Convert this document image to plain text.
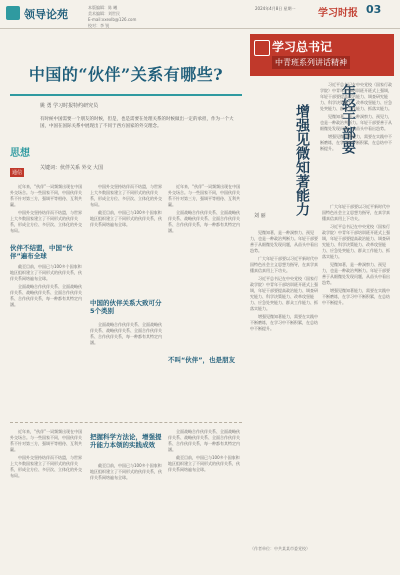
领导论苑
本版编辑：陈 曦
美术编辑：刘世民
E-mail:xxexlb@126.com
校对：李 锐
2024年4月8日 星期一 学习时报 03
中国的“伙伴”关系有哪些?
姚 勇 学习时报特约研究员
有时候中国需要一个朋友的时候，但是，也是需要在处理关系的时候做出一定的承担，作为一个大国，中国在国际关系中展现出了不同于西方国家的外交理念。
关键词：伙伴关系 外交 大国
思想
通信

近年来，“伙伴”一词频频出现在中国外交场合。与一些国家不同，中国伙伴关系不针对第三方，强调平等相待、互利共赢。

中国外交坚持结伴而不结盟，与世界上大多数国家建立了不同形式的伙伴关系，形成全方位、多层次、立体化的外交布局。

伙伴不结盟，中国“伙伴”遍布全球

截至目前，中国已与100多个国家和地区组织建立了不同形式的伙伴关系，伙伴关系网络遍布全球。

全面战略合作伙伴关系、全面战略伙伴关系、战略伙伴关系、全面合作伙伴关系、合作伙伴关系，每一种都有其特定内涵。

中国外交坚持结伴而不结盟，与世界上大多数国家建立了不同形式的伙伴关系，形成全方位、多层次、立体化的外交布局。

截至目前，中国已与100多个国家和地区组织建立了不同形式的伙伴关系，伙伴关系网络遍布全球。

中国的伙伴关系大致可分5个类别

全面战略合作伙伴关系、全面战略伙伴关系、战略伙伴关系、全面合作伙伴关系、合作伙伴关系，每一种都有其特定内涵。

近年来，“伙伴”一词频频出现在中国外交场合。与一些国家不同，中国伙伴关系不针对第三方，强调平等相待、互利共赢。

全面战略合作伙伴关系、全面战略伙伴关系、战略伙伴关系、全面合作伙伴关系、合作伙伴关系，每一种都有其特定内涵。

不叫“伙伴”，也是朋友

近年来，“伙伴”一词频频出现在中国外交场合。与一些国家不同，中国伙伴关系不针对第三方，强调平等相待、互利共赢。

中国外交坚持结伴而不结盟，与世界上大多数国家建立了不同形式的伙伴关系，形成全方位、多层次、立体化的外交布局。

把握科学方法论，增强提升能力本领的实践成效

截至目前，中国已与100多个国家和地区组织建立了不同形式的伙伴关系，伙伴关系网络遍布全球。

全面战略合作伙伴关系、全面战略伙伴关系、战略伙伴关系、全面合作伙伴关系、合作伙伴关系，每一种都有其特定内涵。

截至目前，中国已与100多个国家和地区组织建立了不同形式的伙伴关系，伙伴关系网络遍布全球。

学习总书记
中青班系列讲话精神
年轻干部要
增强见微知著能力
刘 丽

习近平总书记在中央党校（国家行政学院）中青年干部培训班开班式上强调，年轻干部要提高政治能力、调查研究能力、科学决策能力、改革攻坚能力、应急处突能力、群众工作能力、抓落实能力。

见微知著，是一种洞察力、预见力，也是一种政治判断力。年轻干部要善于从细微处发现问题，从苗头中看出趋势。

增强见微知著能力，需要在实践中不断磨练，在学习中不断积累，在总结中不断提升。

见微知著，是一种洞察力、预见力，也是一种政治判断力。年轻干部要善于从细微处发现问题，从苗头中看出趋势。

广大年轻干部要以习近平新时代中国特色社会主义思想为指导，在真学真懂真信真用上下功夫。

习近平总书记在中央党校（国家行政学院）中青年干部培训班开班式上强调，年轻干部要提高政治能力、调查研究能力、科学决策能力、改革攻坚能力、应急处突能力、群众工作能力、抓落实能力。

增强见微知著能力，需要在实践中不断磨练，在学习中不断积累，在总结中不断提升。

广大年轻干部要以习近平新时代中国特色社会主义思想为指导，在真学真懂真信真用上下功夫。

习近平总书记在中央党校（国家行政学院）中青年干部培训班开班式上强调，年轻干部要提高政治能力、调查研究能力、科学决策能力、改革攻坚能力、应急处突能力、群众工作能力、抓落实能力。

见微知著，是一种洞察力、预见力，也是一种政治判断力。年轻干部要善于从细微处发现问题，从苗头中看出趋势。

增强见微知著能力，需要在实践中不断磨练，在学习中不断积累，在总结中不断提升。

（作者单位：中共某某市委党校）
